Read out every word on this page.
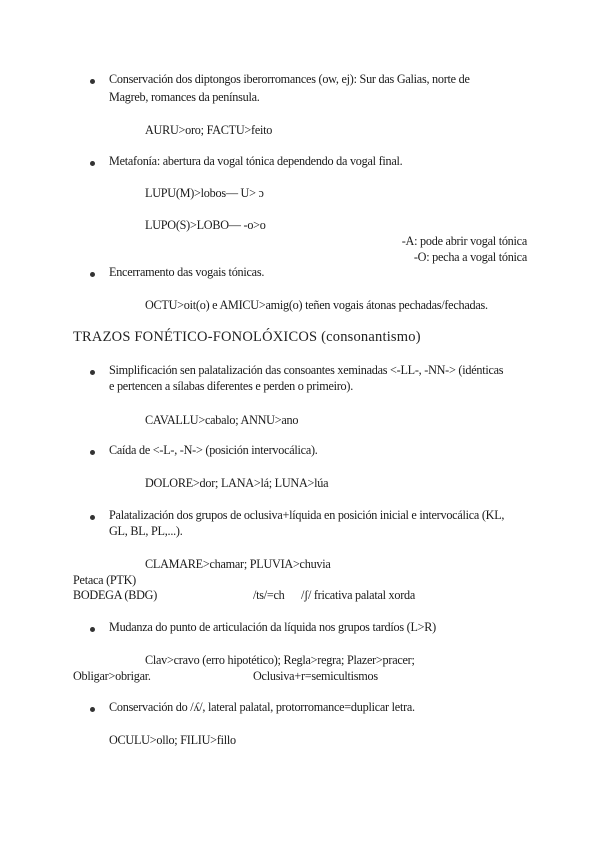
Conservación dos diptongos iberorromances (ow, ej): Sur das Galias, norte de
Magreb, romances da península.
AURU>oro; FACTU>feito
Metafonía: abertura da vogal tónica dependendo da vogal final.
LUPU(M)>lobos— U> ɔ
LUPO(S)>LOBO— -o>o
-A: pode abrir vogal tónica
-O: pecha a vogal tónica
Encerramento das vogais tónicas.
OCTU>oit(o) e AMICU>amig(o) teñen vogais átonas pechadas/fechadas.
TRAZOS FONÉTICO-FONOLÓXICOS (consonantismo)
Simplificación sen palatalización das consoantes xeminadas <-LL-, -NN-> (idénticas
e pertencen a sílabas diferentes e perden o primeiro).
CAVALLU>cabalo; ANNU>ano
Caída de <-L-, -N-> (posición intervocálica).
DOLORE>dor; LANA>lá; LUNA>lúa
Palatalización dos grupos de oclusiva+líquida en posición inicial e intervocálica (KL,
GL, BL, PL,...).
CLAMARE>chamar; PLUVIA>chuvia
Petaca (PTK)
BODEGA (BDG)	/ts/=ch /ʃ/ fricativa palatal xorda
Mudanza do punto de articulación da líquida nos grupos tardíos (L>R)
Clav>cravo (erro hipotético); Regla>regra; Plazer>pracer;
Obligar>obrigar.	Oclusiva+r=semicultismos
Conservación do /ʎ/, lateral palatal, protorromance=duplicar letra.
OCULU>ollo; FILIU>fillo
